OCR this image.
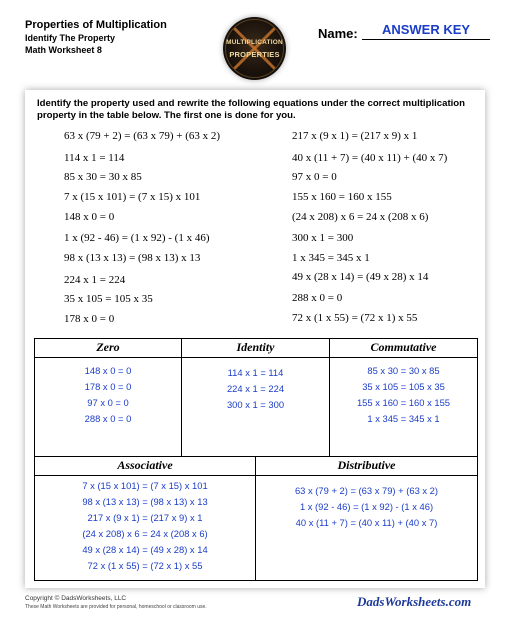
Properties of Multiplication

Identify The Property

Math Worksheet 8

MULTIPLICATION
PROPERTIES
Name:	ANSWER KEY

Identify the property used and rewrite the following equations under the correct multiplication property in the table below. The first one is done for you.

63 x (79 + 2) = (63 x 79) + (63 x 2)

114 x 1 = 114

85 x 30 = 30 x 85

7 x (15 x 101) = (7 x 15) x 101

148 x 0 = 0

1 x (92 - 46) = (1 x 92) - (1 x 46)

98 x (13 x 13) = (98 x 13) x 13

224 x 1 = 224

35 x 105 = 105 x 35

178 x 0 = 0

217 x (9 x 1) = (217 x 9) x 1

40 x (11 + 7) = (40 x 11) + (40 x 7)

97 x 0 = 0

155 x 160 = 160 x 155

(24 x 208) x 6 = 24 x (208 x 6)

300 x 1 = 300

1 x 345 = 345 x 1

49 x (28 x 14) = (49 x 28) x 14

288 x 0 = 0

72 x (1 x 55) = (72 x 1) x 55

Zero

148 x 0 = 0

178 x 0 = 0

97 x 0 = 0

288 x 0 = 0

Identity

114 x 1 = 114

224 x 1 = 224

300 x 1 = 300

Commutative

85 x 30 = 30 x 85

35 x 105 = 105 x 35

155 x 160 = 160 x 155

1 x 345 = 345 x 1

Associative

7 x (15 x 101) = (7 x 15) x 101

98 x (13 x 13) = (98 x 13) x 13

217 x (9 x 1) = (217 x 9) x 1

(24 x 208) x 6 = 24 x (208 x 6)

49 x (28 x 14) = (49 x 28) x 14

72 x (1 x 55) = (72 x 1) x 55

Distributive

63 x (79 + 2) = (63 x 79) + (63 x 2)

1 x (92 - 46) = (1 x 92) - (1 x 46)

40 x (11 + 7) = (40 x 11) + (40 x 7)

Copyright © DadsWorksheets, LLC
These Math Worksheets are provided for personal, homeschool or classroom use.	DadsWorksheets.com
